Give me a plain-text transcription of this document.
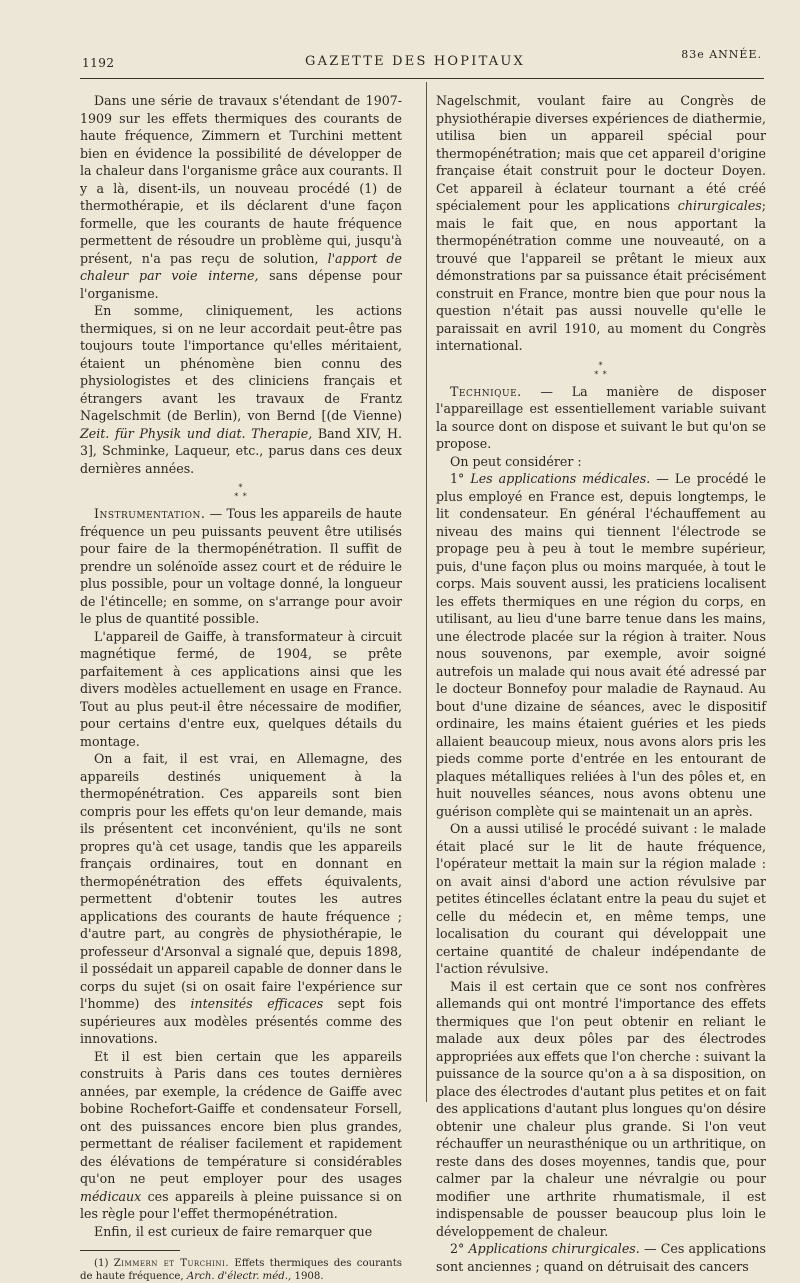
1192	GAZETTE DES HOPITAUX	83e ANNÉE.

Dans une série de travaux s'étendant de 1907-1909 sur les effets thermiques des courants de haute fréquence, Zimmern et Turchini mettent bien en évidence la possibilité de développer de la chaleur dans l'organisme grâce aux courants. Il y a là, disent-ils, un nouveau procédé (1) de thermothérapie, et ils déclarent d'une façon formelle, que les courants de haute fréquence permettent de résoudre un problème qui, jusqu'à présent, n'a pas reçu de solution, l'apport de chaleur par voie interne, sans dépense pour l'organisme.

En somme, cliniquement, les actions thermiques, si on ne leur accordait peut-être pas toujours toute l'importance qu'elles méritaient, étaient un phénomène bien connu des physiologistes et des cliniciens français et étrangers avant les travaux de Frantz Nagelschmit (de Berlin), von Bernd [(de Vienne) Zeit. für Physik und diat. Therapie, Band XIV, H. 3], Schminke, Laqueur, etc., parus dans ces deux dernières années.

*
* *

Instrumentation. — Tous les appareils de haute fréquence un peu puissants peuvent être utilisés pour faire de la thermopénétration. Il suffit de prendre un solénoïde assez court et de réduire le plus possible, pour un voltage donné, la longueur de l'étincelle; en somme, on s'arrange pour avoir le plus de quantité possible.

L'appareil de Gaiffe, à transformateur à circuit magnétique fermé, de 1904, se prête parfaitement à ces applications ainsi que les divers modèles actuellement en usage en France. Tout au plus peut-il être nécessaire de modifier, pour certains d'entre eux, quelques détails du montage.

On a fait, il est vrai, en Allemagne, des appareils destinés uniquement à la thermopénétration. Ces appareils sont bien compris pour les effets qu'on leur demande, mais ils présentent cet inconvénient, qu'ils ne sont propres qu'à cet usage, tandis que les appareils français ordinaires, tout en donnant en thermopénétration des effets équivalents, permettent d'obtenir toutes les autres applications des courants de haute fréquence ; d'autre part, au congrès de physiothérapie, le professeur d'Arsonval a signalé que, depuis 1898, il possédait un appareil capable de donner dans le corps du sujet (si on osait faire l'expérience sur l'homme) des intensités efficaces sept fois supérieures aux modèles présentés comme des innovations.

Et il est bien certain que les appareils construits à Paris dans ces toutes dernières années, par exemple, la crédence de Gaiffe avec bobine Rochefort-Gaiffe et condensateur Forsell, ont des puissances encore bien plus grandes, permettant de réaliser facilement et rapidement des élévations de température si considérables qu'on ne peut employer pour des usages médicaux ces appareils à pleine puissance si on les règle pour l'effet thermopénétration.

Enfin, il est curieux de faire remarquer que

(1) Zimmern et Turchini. Effets thermiques des courants de haute fréquence, Arch. d'électr. méd., 1908.

Nagelschmit, voulant faire au Congrès de physiothérapie diverses expériences de diathermie, utilisa bien un appareil spécial pour thermopénétration; mais que cet appareil d'origine française était construit pour le docteur Doyen. Cet appareil à éclateur tournant a été créé spécialement pour les applications chirurgicales; mais le fait que, en nous apportant la thermopénétration comme une nouveauté, on a trouvé que l'appareil se prêtant le mieux aux démonstrations par sa puissance était précisément construit en France, montre bien que pour nous la question n'était pas aussi nouvelle qu'elle le paraissait en avril 1910, au moment du Congrès international.

*
* *

Technique. — La manière de disposer l'appareillage est essentiellement variable suivant la source dont on dispose et suivant le but qu'on se propose.

On peut considérer :

1° Les applications médicales. — Le procédé le plus employé en France est, depuis longtemps, le lit condensateur. En général l'échauffement au niveau des mains qui tiennent l'électrode se propage peu à peu à tout le membre supérieur, puis, d'une façon plus ou moins marquée, à tout le corps. Mais souvent aussi, les praticiens localisent les effets thermiques en une région du corps, en utilisant, au lieu d'une barre tenue dans les mains, une électrode placée sur la région à traiter. Nous nous souvenons, par exemple, avoir soigné autrefois un malade qui nous avait été adressé par le docteur Bonnefoy pour maladie de Raynaud. Au bout d'une dizaine de séances, avec le dispositif ordinaire, les mains étaient guéries et les pieds allaient beaucoup mieux, nous avons alors pris les pieds comme porte d'entrée en les entourant de plaques métalliques reliées à l'un des pôles et, en huit nouvelles séances, nous avons obtenu une guérison complète qui se maintenait un an après.

On a aussi utilisé le procédé suivant : le malade était placé sur le lit de haute fréquence, l'opérateur mettait la main sur la région malade : on avait ainsi d'abord une action révulsive par petites étincelles éclatant entre la peau du sujet et celle du médecin et, en même temps, une localisation du courant qui développait une certaine quantité de chaleur indépendante de l'action révulsive.

Mais il est certain que ce sont nos confrères allemands qui ont montré l'importance des effets thermiques que l'on peut obtenir en reliant le malade aux deux pôles par des électrodes appropriées aux effets que l'on cherche : suivant la puissance de la source qu'on a à sa disposition, on place des électrodes d'autant plus petites et on fait des applications d'autant plus longues qu'on désire obtenir une chaleur plus grande. Si l'on veut réchauffer un neurasthénique ou un arthritique, on reste dans des doses moyennes, tandis que, pour calmer par la chaleur une névralgie ou pour modifier une arthrite rhumatismale, il est indispensable de pousser beaucoup plus loin le développement de chaleur.

2° Applications chirurgicales. — Ces applications sont anciennes ; quand on détruisait des cancers
